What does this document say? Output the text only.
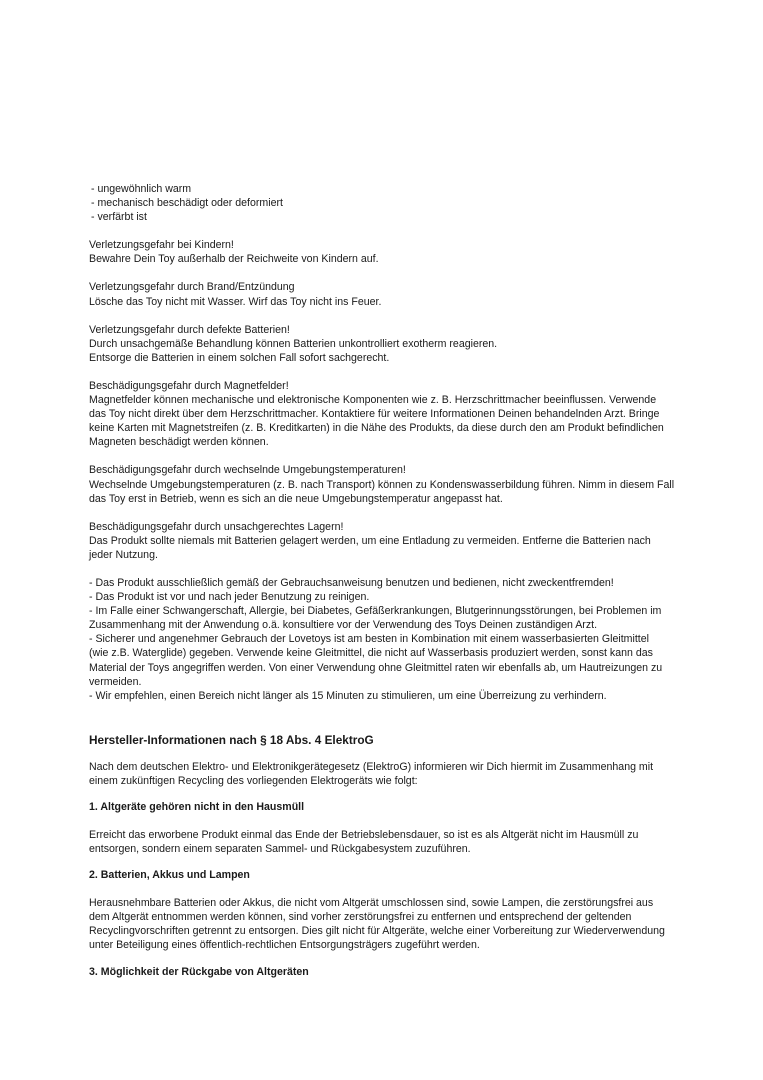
- ungewöhnlich warm
- mechanisch beschädigt oder deformiert
- verfärbt ist
Verletzungsgefahr bei Kindern!
Bewahre Dein Toy außerhalb der Reichweite von Kindern auf.
Verletzungsgefahr durch Brand/Entzündung
Lösche das Toy nicht mit Wasser. Wirf das Toy nicht ins Feuer.
Verletzungsgefahr durch defekte Batterien!
Durch unsachgemäße Behandlung können Batterien unkontrolliert exotherm reagieren.
Entsorge die Batterien in einem solchen Fall sofort sachgerecht.
Beschädigungsgefahr durch Magnetfelder!
Magnetfelder können mechanische und elektronische Komponenten wie z. B. Herzschrittmacher beeinflussen. Verwende
das Toy nicht direkt über dem Herzschrittmacher. Kontaktiere für weitere Informationen Deinen behandelnden Arzt. Bringe
keine Karten mit Magnetstreifen (z. B. Kreditkarten) in die Nähe des Produkts, da diese durch den am Produkt befindlichen
Magneten beschädigt werden können.
Beschädigungsgefahr durch wechselnde Umgebungstemperaturen!
Wechselnde Umgebungstemperaturen (z. B. nach Transport) können zu Kondenswasserbildung führen. Nimm in diesem Fall
das Toy erst in Betrieb, wenn es sich an die neue Umgebungstemperatur angepasst hat.
Beschädigungsgefahr durch unsachgerechtes Lagern!
Das Produkt sollte niemals mit Batterien gelagert werden, um eine Entladung zu vermeiden. Entferne die Batterien nach
jeder Nutzung.
- Das Produkt ausschließlich gemäß der Gebrauchsanweisung benutzen und bedienen, nicht zweckentfremden!
- Das Produkt ist vor und nach jeder Benutzung zu reinigen.
- Im Falle einer Schwangerschaft, Allergie, bei Diabetes, Gefäßerkrankungen, Blutgerinnungsstörungen, bei Problemen im
Zusammenhang mit der Anwendung o.ä. konsultiere vor der Verwendung des Toys Deinen zuständigen Arzt.
- Sicherer und angenehmer Gebrauch der Lovetoys ist am besten in Kombination mit einem wasserbasierten Gleitmittel
(wie z.B. Waterglide) gegeben. Verwende keine Gleitmittel, die nicht auf Wasserbasis produziert werden, sonst kann das
Material der Toys angegriffen werden. Von einer Verwendung ohne Gleitmittel raten wir ebenfalls ab, um Hautreizungen zu
vermeiden.
- Wir empfehlen, einen Bereich nicht länger als 15 Minuten zu stimulieren, um eine Überreizung zu verhindern.
Hersteller-Informationen nach § 18 Abs. 4 ElektroG
Nach dem deutschen Elektro- und Elektronikgerätegesetz (ElektroG) informieren wir Dich hiermit im Zusammenhang mit
einem zukünftigen Recycling des vorliegenden Elektrogeräts wie folgt:
1. Altgeräte gehören nicht in den Hausmüll
Erreicht das erworbene Produkt einmal das Ende der Betriebslebensdauer, so ist es als Altgerät nicht im Hausmüll zu
entsorgen, sondern einem separaten Sammel- und Rückgabesystem zuzuführen.
2. Batterien, Akkus und Lampen
Herausnehmbare Batterien oder Akkus, die nicht vom Altgerät umschlossen sind, sowie Lampen, die zerstörungsfrei aus
dem Altgerät entnommen werden können, sind vorher zerstörungsfrei zu entfernen und entsprechend der geltenden
Recyclingvorschriften getrennt zu entsorgen. Dies gilt nicht für Altgeräte, welche einer Vorbereitung zur Wiederverwendung
unter Beteiligung eines öffentlich-rechtlichen Entsorgungsträgers zugeführt werden.
3. Möglichkeit der Rückgabe von Altgeräten
